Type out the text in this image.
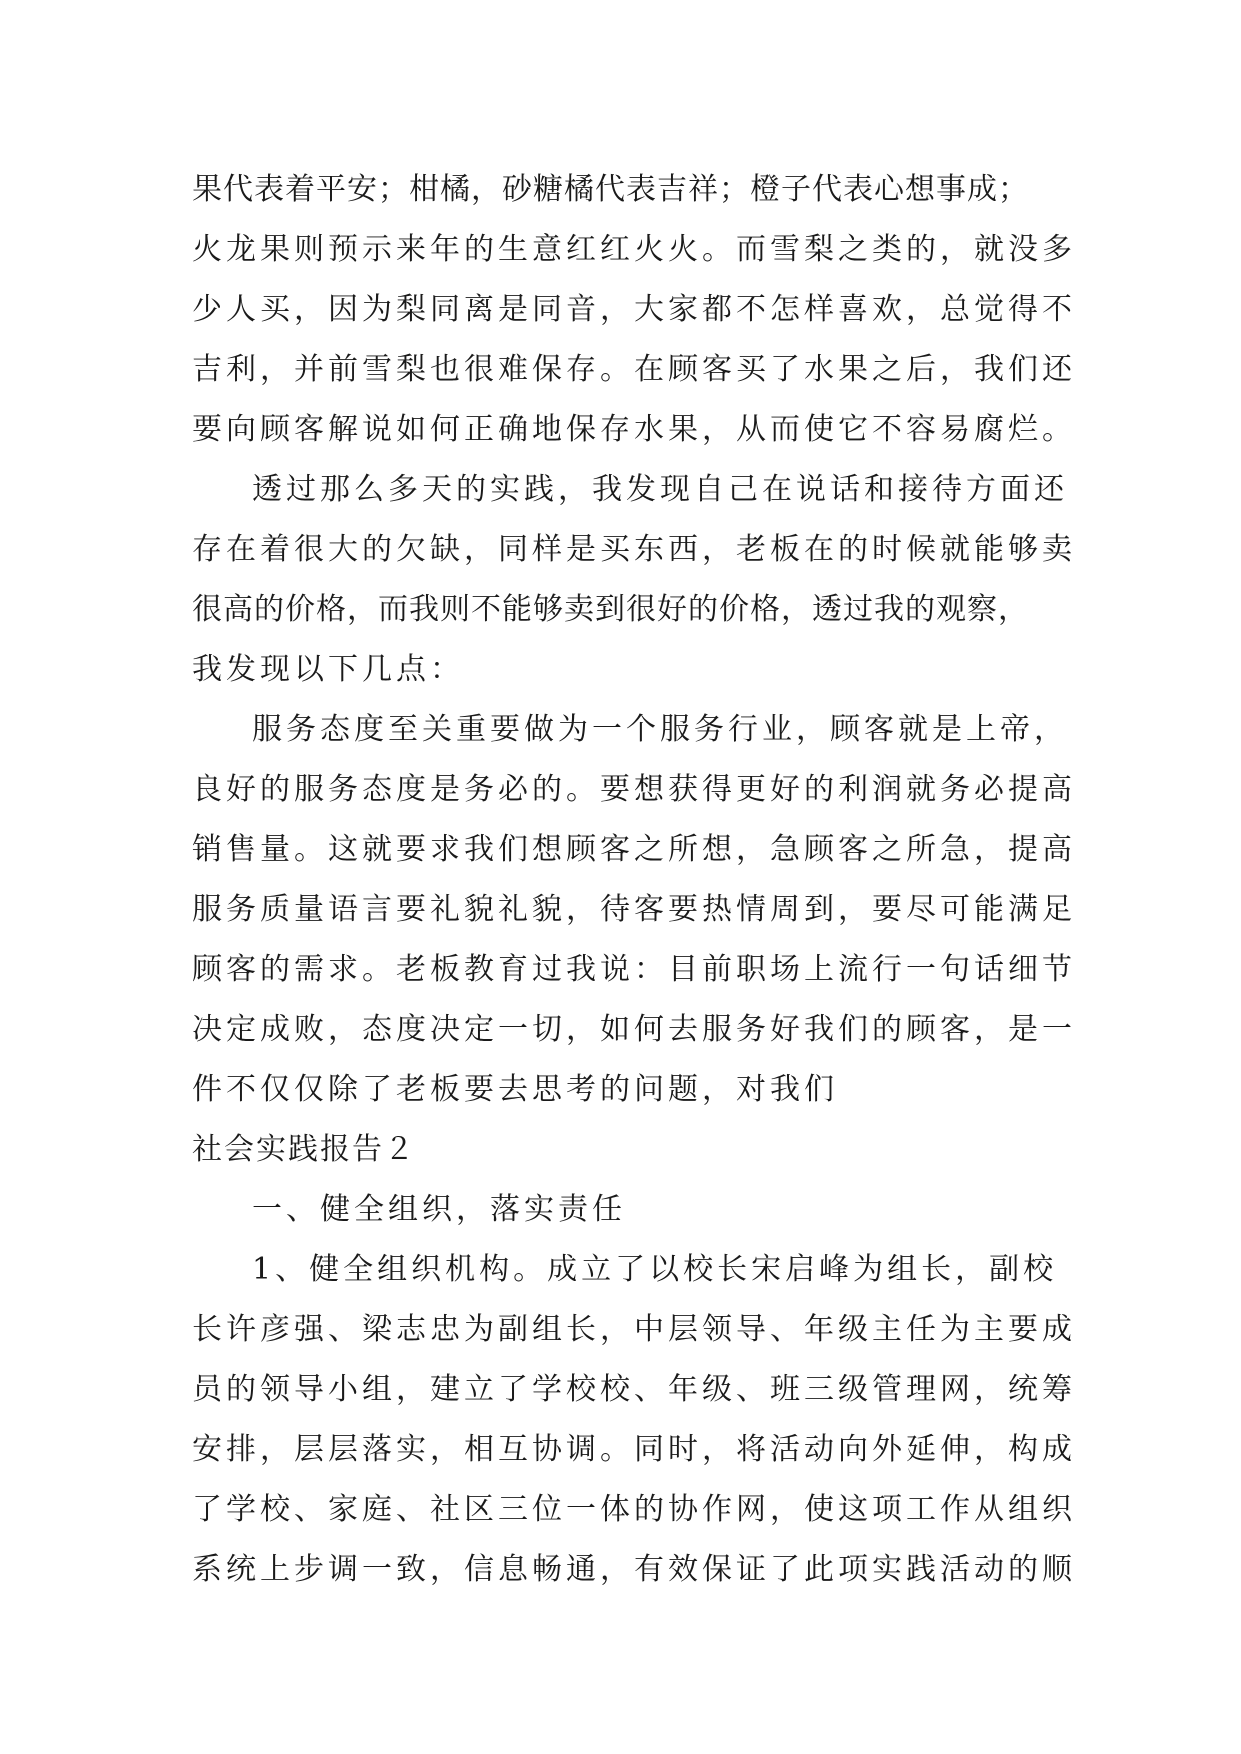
果代表着平安；柑橘，砂糖橘代表吉祥；橙子代表心想事成；
火龙果则预示来年的生意红红火火。而雪梨之类的，就没多
少人买，因为梨同离是同音，大家都不怎样喜欢，总觉得不
吉利，并前雪梨也很难保存。在顾客买了水果之后，我们还
要向顾客解说如何正确地保存水果，从而使它不容易腐烂。
透过那么多天的实践，我发现自己在说话和接待方面还
存在着很大的欠缺，同样是买东西，老板在的时候就能够卖
很高的价格，而我则不能够卖到很好的价格，透过我的观察，
我发现以下几点：
服务态度至关重要做为一个服务行业，顾客就是上帝，
良好的服务态度是务必的。要想获得更好的利润就务必提高
销售量。这就要求我们想顾客之所想，急顾客之所急，提高
服务质量语言要礼貌礼貌，待客要热情周到，要尽可能满足
顾客的需求。老板教育过我说：目前职场上流行一句话细节
决定成败，态度决定一切，如何去服务好我们的顾客，是一
件不仅仅除了老板要去思考的问题，对我们
社会实践报告２
一、健全组织，落实责任
1、健全组织机构。成立了以校长宋启峰为组长，副校
长许彦强、梁志忠为副组长，中层领导、年级主任为主要成
员的领导小组，建立了学校校、年级、班三级管理网，统筹
安排，层层落实，相互协调。同时，将活动向外延伸，构成
了学校、家庭、社区三位一体的协作网，使这项工作从组织
系统上步调一致，信息畅通，有效保证了此项实践活动的顺
